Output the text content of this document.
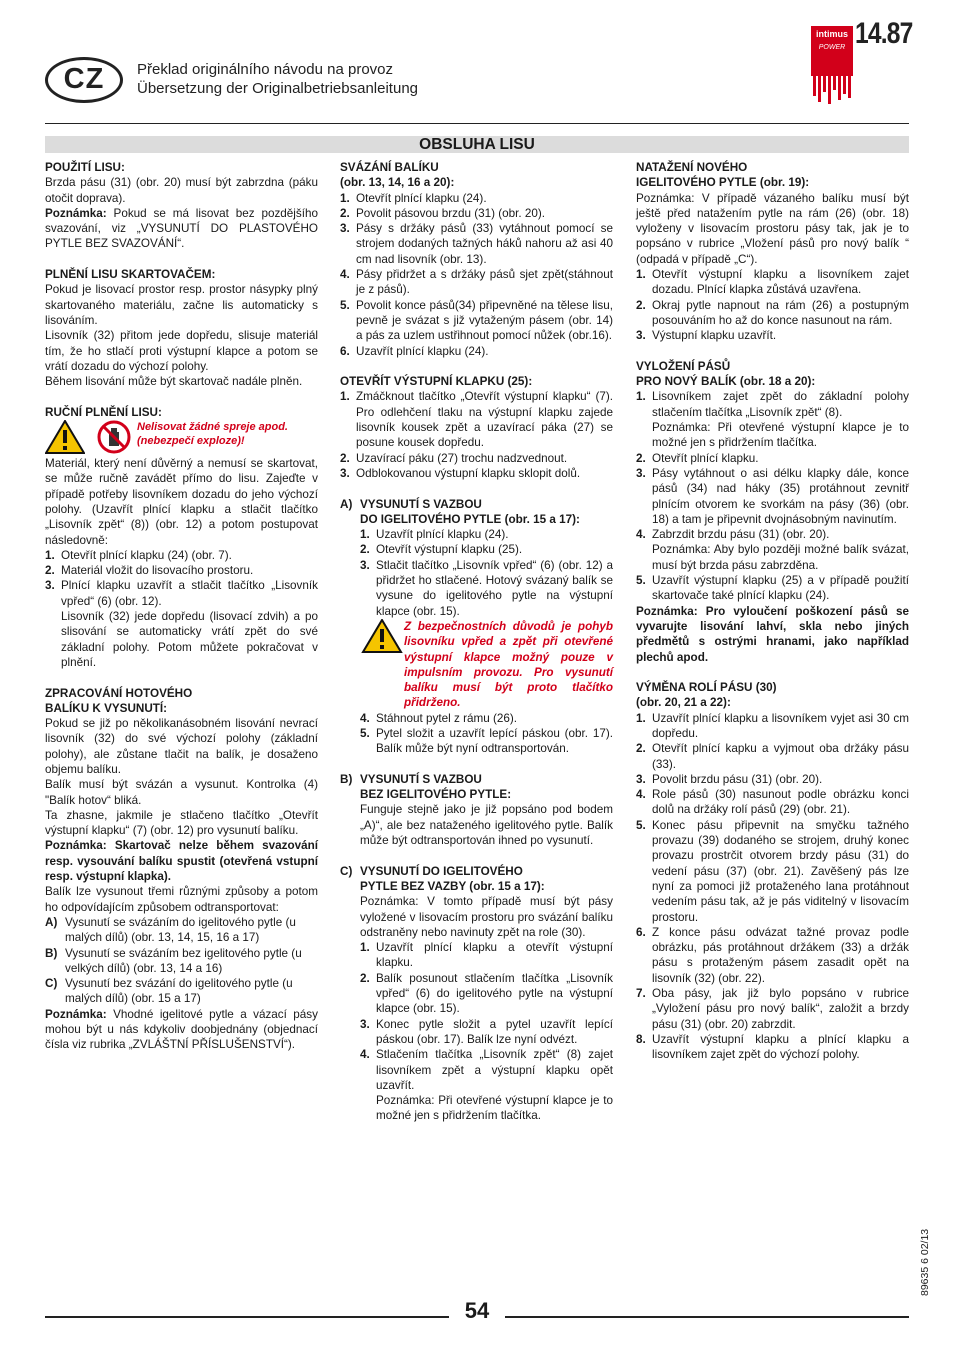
CZ	Překlad originálního návodu na provoz
Übersetzung der Originalbetriebsanleitung
intimus
POWER 14.87
OBSLUHA LISU

POUŽITÍ LISU:

Brzda pásu (31) (obr. 20) musí být zabrzdna (páku otočit doprava).

Poznámka: Pokud se má lisovat bez pozdějšího svazování, viz „VYSUNUTÍ DO PLASTOVÉHO PYTLE BEZ SVAZOVÁNÍ“.

PLNĚNÍ LISU SKARTOVAČEM:

Pokud je lisovací prostor resp. prostor násypky plný skartovaného materiálu, začne lis automaticky s lisováním.

Lisovník (32) přitom jede dopředu, slisuje materiál tím, že ho stlačí proti výstupní klapce a potom se vrátí dozadu do výchozí polohy.

Během lisování může být skartovač nadále plněn.

RUČNÍ PLNĚNÍ LISU:

Nelisovat žádné spreje apod. (nebezpečí exploze)!

Materiál, který není důvěrný a nemusí se skartovat, se může ručně zavádět přímo do lisu. Zajeďte v případě potřeby lisovníkem dozadu do jeho výchozí polohy. (Uzavřít plnící klapku a stlačit tlačítko „Lisovník zpět“ (8)) (obr. 12) a potom postupovat následovně:

1. Otevřít plnící klapku (24) (obr. 7).
2. Materiál vložit do lisovacího prostoru.
3. Plnící klapku uzavřít a stlačit tlačítko „Lisovník vpřed“ (6) (obr. 12).

Lisovník (32) jede dopředu (lisovací zdvih) a po slisování se automaticky vrátí zpět do své základní polohy. Potom můžete pokračovat v plnění.

ZPRACOVÁNÍ HOTOVÉHO

BALÍKU K VYSUNUTÍ:

Pokud se již po několikanásobném lisování nevrací lisovník (32) do své výchozí polohy (základní polohy), ale zůstane tlačit na balík, je dosaženo objemu balíku.

Balík musí být svázán a vysunut. Kontrolka (4) "Balík hotov“ bliká.

Ta zhasne, jakmile je stlačeno tlačítko „Otevřít výstupní klapku“ (7) (obr. 12) pro vysunutí balíku.

Poznámka: Skartovač nelze během svazování resp. vysouvání balíku spustit (otevřená vstupní resp. výstupní klapka).

Balík lze vysunout třemi různými způsoby a potom ho odpovídajícím způsobem odtransportovat:

A) Vysunutí se svázáním do igelitového pytle (u malých dílů) (obr. 13, 14, 15, 16 a 17)
B) Vysunutí se svázáním bez igelitového pytle (u velkých dílů) (obr. 13, 14 a 16)
C) Vysunutí bez svázání do igelitového pytle (u malých dílů) (obr. 15 a 17)

Poznámka: Vhodné igelitové pytle a vázací pásy mohou být u nás kdykoliv doobjednány (objednací čísla viz rubrika „ZVLÁŠTNÍ PŘÍSLUŠENSTVÍ“).

SVÁZÁNÍ BALÍKU

(obr. 13, 14, 16 a 20):

1. Otevřít plnící klapku (24).
2. Povolit pásovou brzdu (31) (obr. 20).
3. Pásy s držáky pásů (33) vytáhnout pomocí se strojem dodaných tažných háků nahoru až asi 40 cm nad lisovník (obr. 13).
4. Pásy přidržet a s držáky pásů sjet zpět(stáhnout je z pásů).
5. Povolit konce pásů(34) připevněné na tělese lisu, pevně je svázat s již vytaženým pásem (obr. 14) a pás za uzlem ustřihnout pomocí nůžek (obr.16).
6. Uzavřít plnící klapku (24).

OTEVŘÍT VÝSTUPNÍ KLAPKU (25):

1. Zmáčknout tlačítko „Otevřít výstupní klapku“ (7). Pro odlehčení tlaku na výstupní klapku zajede lisovník kousek zpět a uzavírací páka (27) se posune kousek dopředu.
2. Uzavírací páku (27) trochu nadzvednout.
3. Odblokovanou výstupní klapku sklopit dolů.
A) VYSUNUTÍ S VAZBOU

DO IGELITOVÉHO PYTLE (obr. 15 a 17):

1. Uzavřít plnící klapku (24).
2. Otevřít výstupní klapku (25).
3. Stlačit tlačítko „Lisovník vpřed“ (6) (obr. 12) a přidržet ho stlačené. Hotový svázaný balík se vysune do igelitového pytle na výstupní klapce (obr. 15).

Z bezpečnostních důvodů je pohyb lisovníku vpřed a zpět při otevřené výstupní klapce možný pouze v impulsním provozu. Pro vysunutí balíku musí být proto tlačítko přidrženo.

4. Stáhnout pytel z rámu (26).
5. Pytel složit a uzavřít lepící páskou (obr. 17). Balík může být nyní odtransportován.
B) VYSUNUTÍ S VAZBOU

BEZ IGELITOVÉHO PYTLE:

Funguje stejně jako je již popsáno pod bodem „A)“, ale bez nataženého igelitového pytle. Balík může být odtransportován ihned po vysunutí.

C) VYSUNUTÍ DO IGELITOVÉHO

PYTLE BEZ VAZBY (obr. 15 a 17):

Poznámka: V tomto případě musí být pásy vyložené v lisovacím prostoru pro svázání balíku odstraněny nebo navinuty zpět na role (30).

1. Uzavřít plnící klapku a otevřít výstupní klapku.
2. Balík posunout stlačením tlačítka „Lisovník vpřed“ (6) do igelitového pytle na výstupní klapce (obr. 15).
3. Konec pytle složit a pytel uzavřít lepící páskou (obr. 17). Balík lze nyní odvézt.
4. Stlačením tlačítka „Lisovník zpět“ (8) zajet lisovníkem zpět a výstupní klapku opět uzavřít.

Poznámka: Při otevřené výstupní klapce je to možné jen s přidržením tlačítka.

NATAŽENÍ NOVÉHO

IGELITOVÉHO PYTLE (obr. 19):

Poznámka: V případě vázaného balíku musí být ještě před natažením pytle na rám (26) (obr. 18) vyloženy v lisovacím prostoru pásy tak, jak je to popsáno v rubrice „Vložení pásů pro nový balík “ (odpadá v případě „C“).

1. Otevřít výstupní klapku a lisovníkem zajet dozadu. Plnící klapka zůstává uzavřena.
2. Okraj pytle napnout na rám (26) a postupným posouváním ho až do konce nasunout na rám.
3. Výstupní klapku uzavřít.

VYLOŽENÍ PÁSŮ

PRO NOVÝ BALÍK (obr. 18 a 20):

1. Lisovníkem zajet zpět do základní polohy stlačením tlačítka „Lisovník zpět“ (8).

Poznámka: Při otevřené výstupní klapce je to možné jen s přidržením tlačítka.

2. Otevřít plnící klapku.
3. Pásy vytáhnout o asi délku klapky dále, konce pásů (34) nad háky (35) protáhnout zevnitř plnícím otvorem ke svorkám na pásy (36) (obr. 18) a tam je připevnit dvojnásobným navinutím.
4. Zabrzdit brzdu pásu (31) (obr. 20).

Poznámka: Aby bylo později možné balík svázat, musí být brzda pásu zabrzděna.

5. Uzavřít výstupní klapku (25) a v případě použití skartovače také plnící klapku (24).

Poznámka: Pro vyloučení poškození pásů se vyvarujte lisování lahví, skla nebo jiných předmětů s ostrými hranami, jako například plechů apod.

VÝMĚNA ROLÍ PÁSU (30)

(obr. 20, 21 a 22):

1. Uzavřít plnící klapku a lisovníkem vyjet asi 30 cm dopředu.
2. Otevřít plnící kapku a vyjmout oba držáky pásu (33).
3. Povolit brzdu pásu (31) (obr. 20).
4. Role pásů (30) nasunout podle obrázku konci dolů na držáky rolí pásů (29) (obr. 21).
5. Konec pásu připevnit na smyčku tažného provazu (39) dodaného se strojem, druhý konec provazu prostrčit otvorem brzdy pásu (31) do vedení pásu (37) (obr. 21). Zavěšený pás lze nyní za pomoci již protaženého lana protáhnout vedením pásu tak, až je pás viditelný v lisovacím prostoru.
6. Z konce pásu odvázat tažné provaz podle obrázku, pás protáhnout držákem (33) a držák pásu s protaženým pásem zasadit opět na lisovník (32) (obr. 22).
7. Oba pásy, jak již bylo popsáno v rubrice „Vyložení pásu pro nový balík“, založit a brzdy pásu (31) (obr. 20) zabrzdit.
8. Uzavřít výstupní klapku a plnící klapku a lisovníkem zajet zpět do výchozí polohy.
89635 6 02/13
54
